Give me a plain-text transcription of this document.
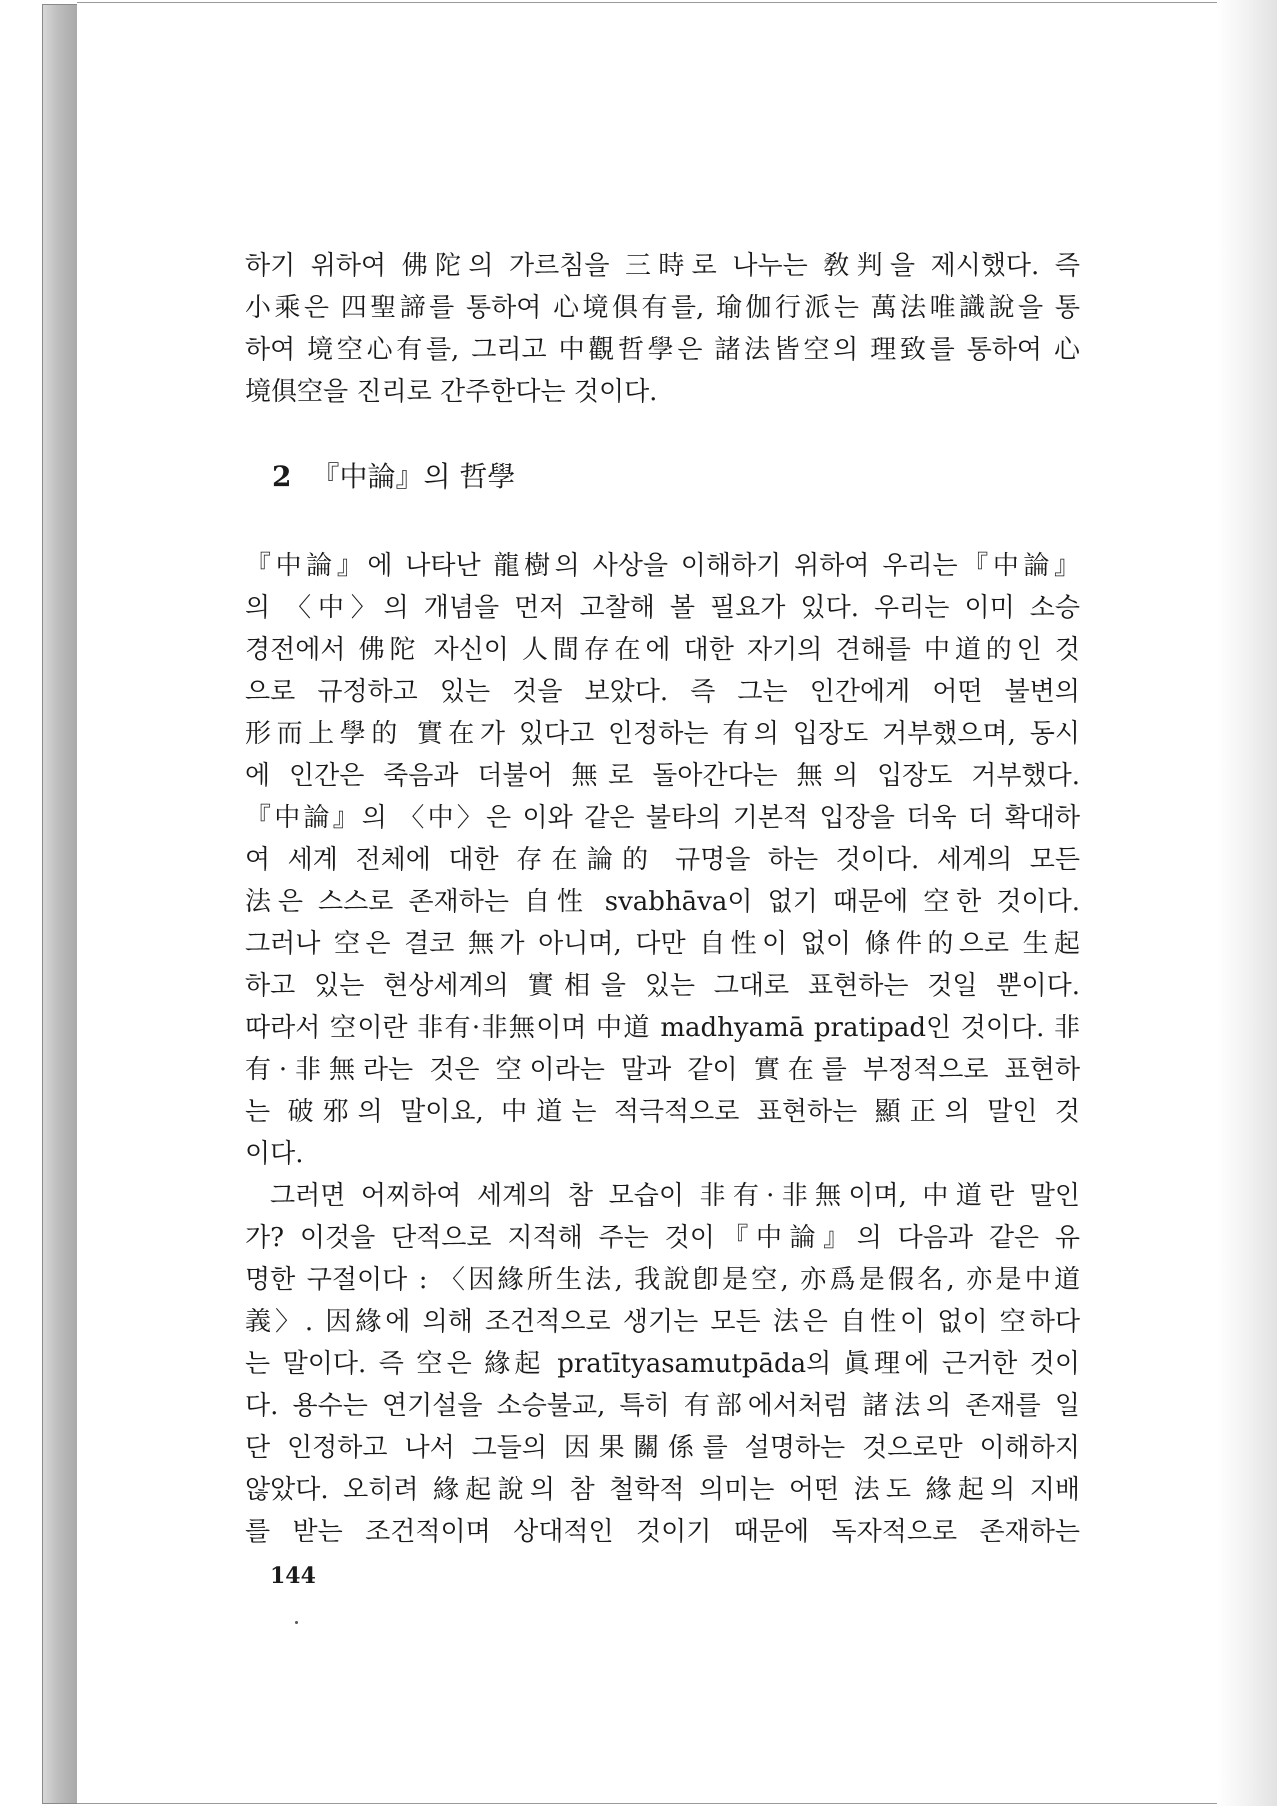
하기 위하여 佛陀의 가르침을 三時로 나누는 敎判을 제시했다. 즉
小乘은 四聖諦를 통하여 心境俱有를, 瑜伽行派는 萬法唯識說을 통
하여 境空心有를, 그리고 中觀哲學은 諸法皆空의 理致를 통하여 心
境俱空을 진리로 간주한다는 것이다.
2 『中論』의 哲學
『中論』에 나타난 龍樹의 사상을 이해하기 위하여 우리는『中論』
의 〈中〉의 개념을 먼저 고찰해 볼 필요가 있다. 우리는 이미 소승
경전에서 佛陀 자신이 人間存在에 대한 자기의 견해를 中道的인 것
으로 규정하고 있는 것을 보았다. 즉 그는 인간에게 어떤 불변의
形而上學的 實在가 있다고 인정하는 有의 입장도 거부했으며, 동시
에 인간은 죽음과 더불어 無로 돌아간다는 無의 입장도 거부했다.
『中論』의 〈中〉은 이와 같은 불타의 기본적 입장을 더욱 더 확대하
여 세계 전체에 대한 存在論的 규명을 하는 것이다. 세계의 모든
法은 스스로 존재하는 自性 svabhāva이 없기 때문에 空한 것이다.
그러나 空은 결코 無가 아니며, 다만 自性이 없이 條件的으로 生起
하고 있는 현상세계의 實相을 있는 그대로 표현하는 것일 뿐이다.
따라서 空이란 非有·非無이며 中道 madhyamā pratipad인 것이다. 非
有·非無라는 것은 空이라는 말과 같이 實在를 부정적으로 표현하
는 破邪의 말이요, 中道는 적극적으로 표현하는 顯正의 말인 것
이다.
그러면 어찌하여 세계의 참 모습이 非有·非無이며, 中道란 말인
가? 이것을 단적으로 지적해 주는 것이『中論』의 다음과 같은 유
명한 구절이다 : 〈因緣所生法, 我說卽是空, 亦爲是假名, 亦是中道
義〉. 因緣에 의해 조건적으로 생기는 모든 法은 自性이 없이 空하다
는 말이다. 즉 空은 緣起 pratītyasamutpāda의 眞理에 근거한 것이
다. 용수는 연기설을 소승불교, 특히 有部에서처럼 諸法의 존재를 일
단 인정하고 나서 그들의 因果關係를 설명하는 것으로만 이해하지
않았다. 오히려 緣起說의 참 철학적 의미는 어떤 法도 緣起의 지배
를 받는 조건적이며 상대적인 것이기 때문에 독자적으로 존재하는
144
